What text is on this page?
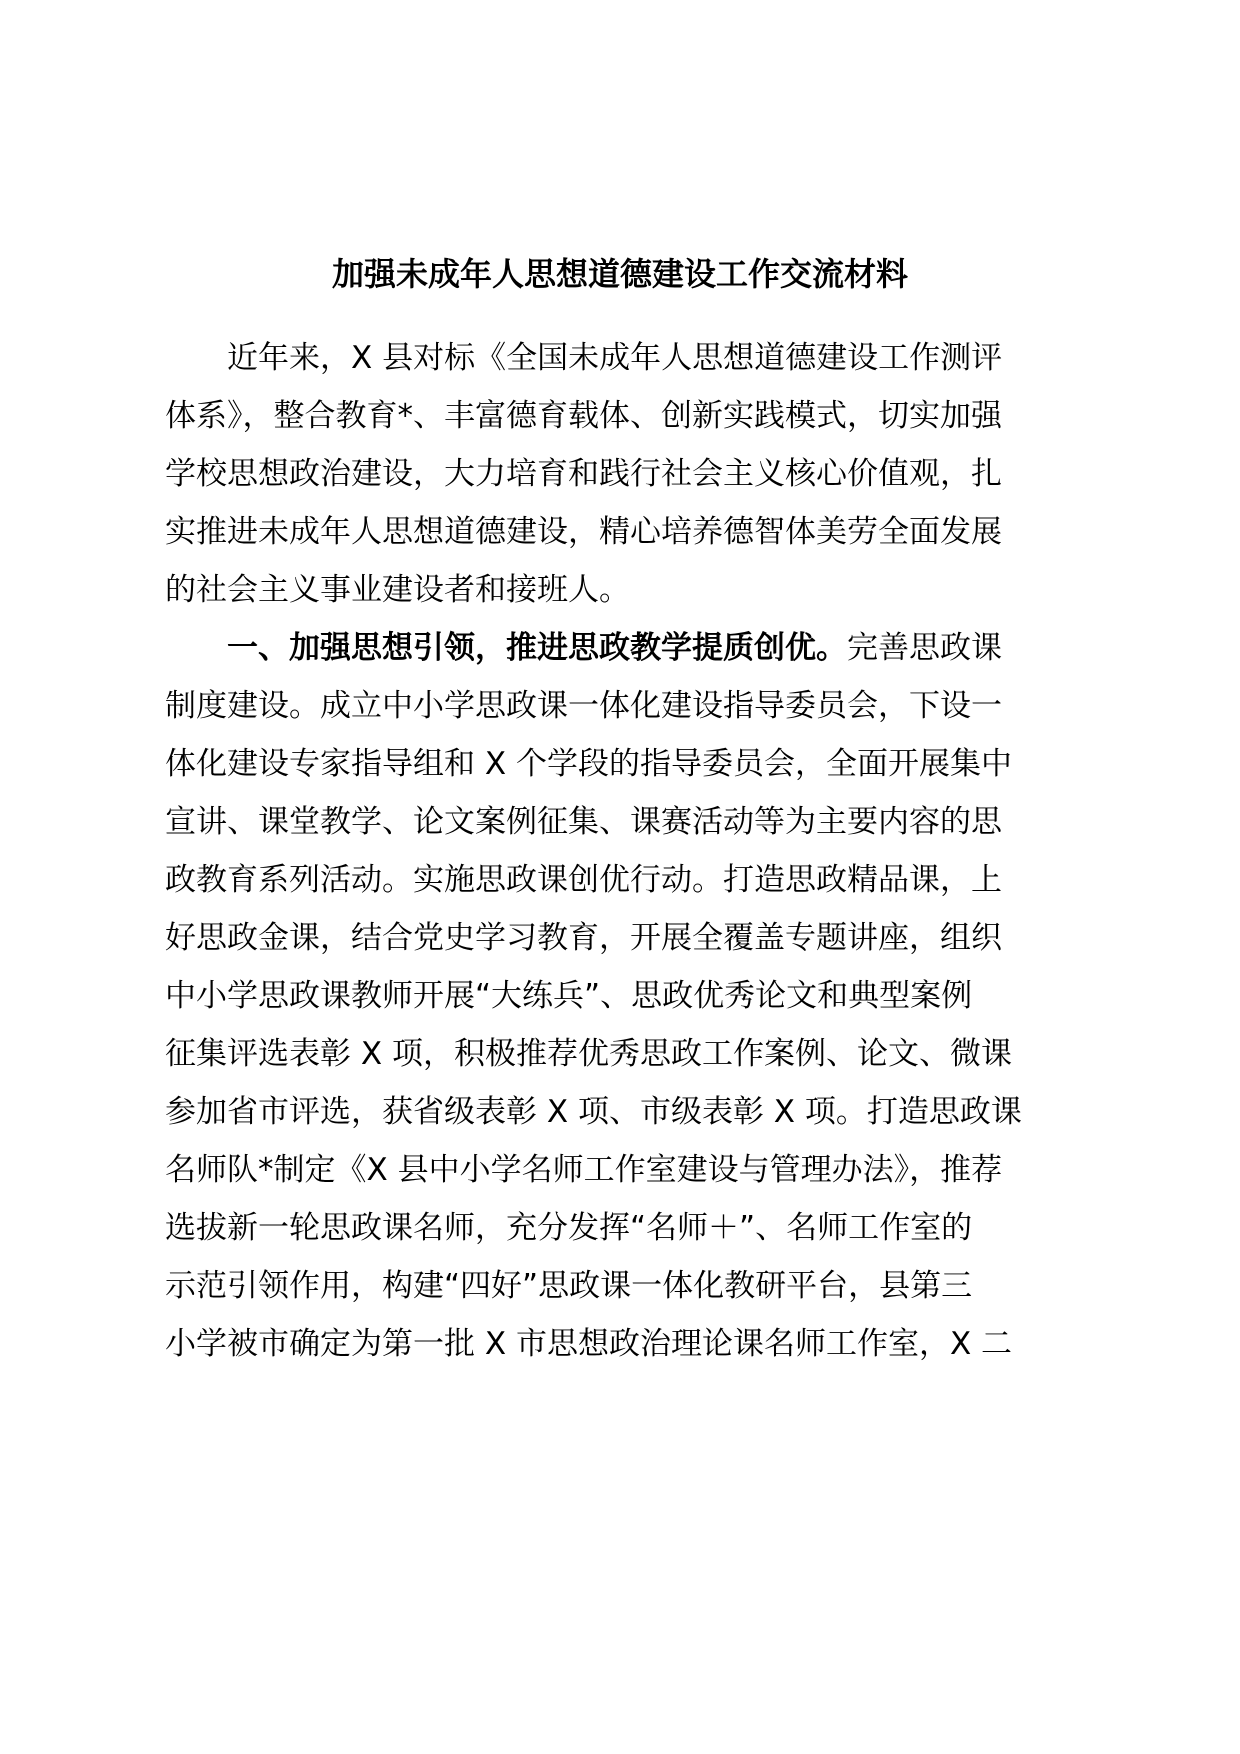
加强未成年人思想道德建设工作交流材料
近年来，X 县对标《全国未成年人思想道德建设工作测评
体系》，整合教育*、丰富德育载体、创新实践模式，切实加强
学校思想政治建设，大力培育和践行社会主义核心价值观，扎
实推进未成年人思想道德建设，精心培养德智体美劳全面发展
的社会主义事业建设者和接班人。
一、加强思想引领，推进思政教学提质创优。完善思政课
制度建设。成立中小学思政课一体化建设指导委员会，下设一
体化建设专家指导组和 X 个学段的指导委员会，全面开展集中
宣讲、课堂教学、论文案例征集、课赛活动等为主要内容的思
政教育系列活动。实施思政课创优行动。打造思政精品课，上
好思政金课，结合党史学习教育，开展全覆盖专题讲座，组织
中小学思政课教师开展“大练兵”、思政优秀论文和典型案例
征集评选表彰 X 项，积极推荐优秀思政工作案例、论文、微课
参加省市评选，获省级表彰 X 项、市级表彰 X 项。打造思政课
名师队*制定《X 县中小学名师工作室建设与管理办法》，推荐
选拔新一轮思政课名师，充分发挥“名师＋”、名师工作室的
示范引领作用，构建“四好”思政课一体化教研平台，县第三
小学被市确定为第一批 X 市思想政治理论课名师工作室，X 二
